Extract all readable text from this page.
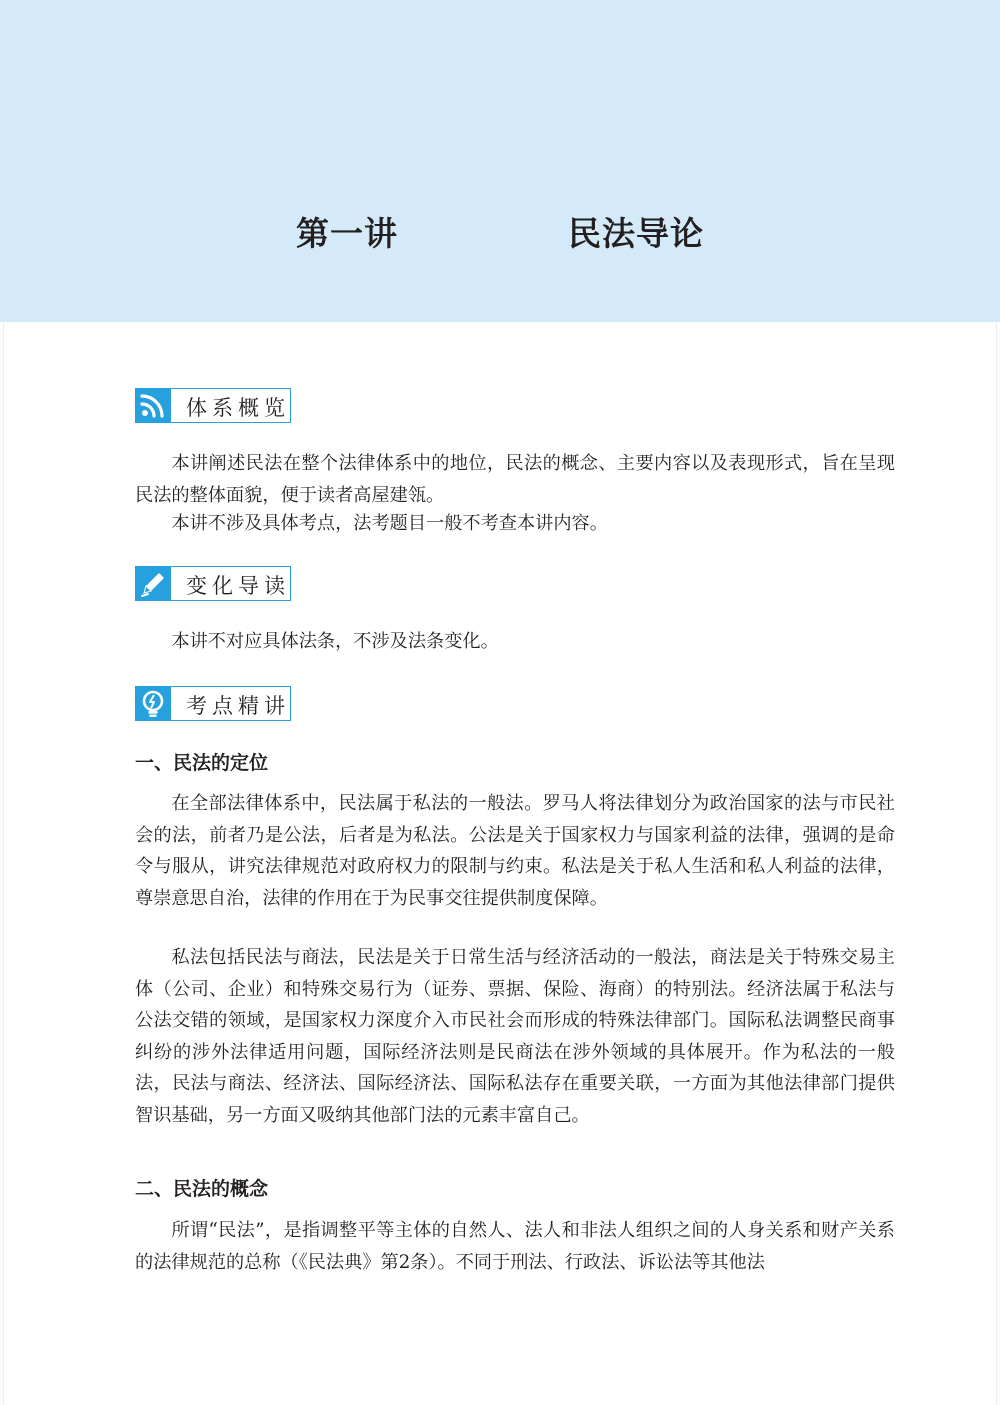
第一讲    民法导论
体系概览

本讲阐述民法在整个法律体系中的地位，民法的概念、主要内容以及表现形式，旨在呈现民法的整体面貌，便于读者高屋建瓴。

本讲不涉及具体考点，法考题目一般不考查本讲内容。

变化导读

本讲不对应具体法条，不涉及法条变化。

考点精讲
一、民法的定位

在全部法律体系中，民法属于私法的一般法。罗马人将法律划分为政治国家的法与市民社会的法，前者乃是公法，后者是为私法。公法是关于国家权力与国家利益的法律，强调的是命令与服从，讲究法律规范对政府权力的限制与约束。私法是关于私人生活和私人利益的法律，尊崇意思自治，法律的作用在于为民事交往提供制度保障。

私法包括民法与商法，民法是关于日常生活与经济活动的一般法，商法是关于特殊交易主体（公司、企业）和特殊交易行为（证券、票据、保险、海商）的特别法。经济法属于私法与公法交错的领域，是国家权力深度介入市民社会而形成的特殊法律部门。国际私法调整民商事纠纷的涉外法律适用问题，国际经济法则是民商法在涉外领域的具体展开。作为私法的一般法，民法与商法、经济法、国际经济法、国际私法存在重要关联，一方面为其他法律部门提供智识基础，另一方面又吸纳其他部门法的元素丰富自己。

二、民法的概念

所谓“民法”，是指调整平等主体的自然人、法人和非法人组织之间的人身关系和财产关系的法律规范的总称（《民法典》第2条）。不同于刑法、行政法、诉讼法等其他法
